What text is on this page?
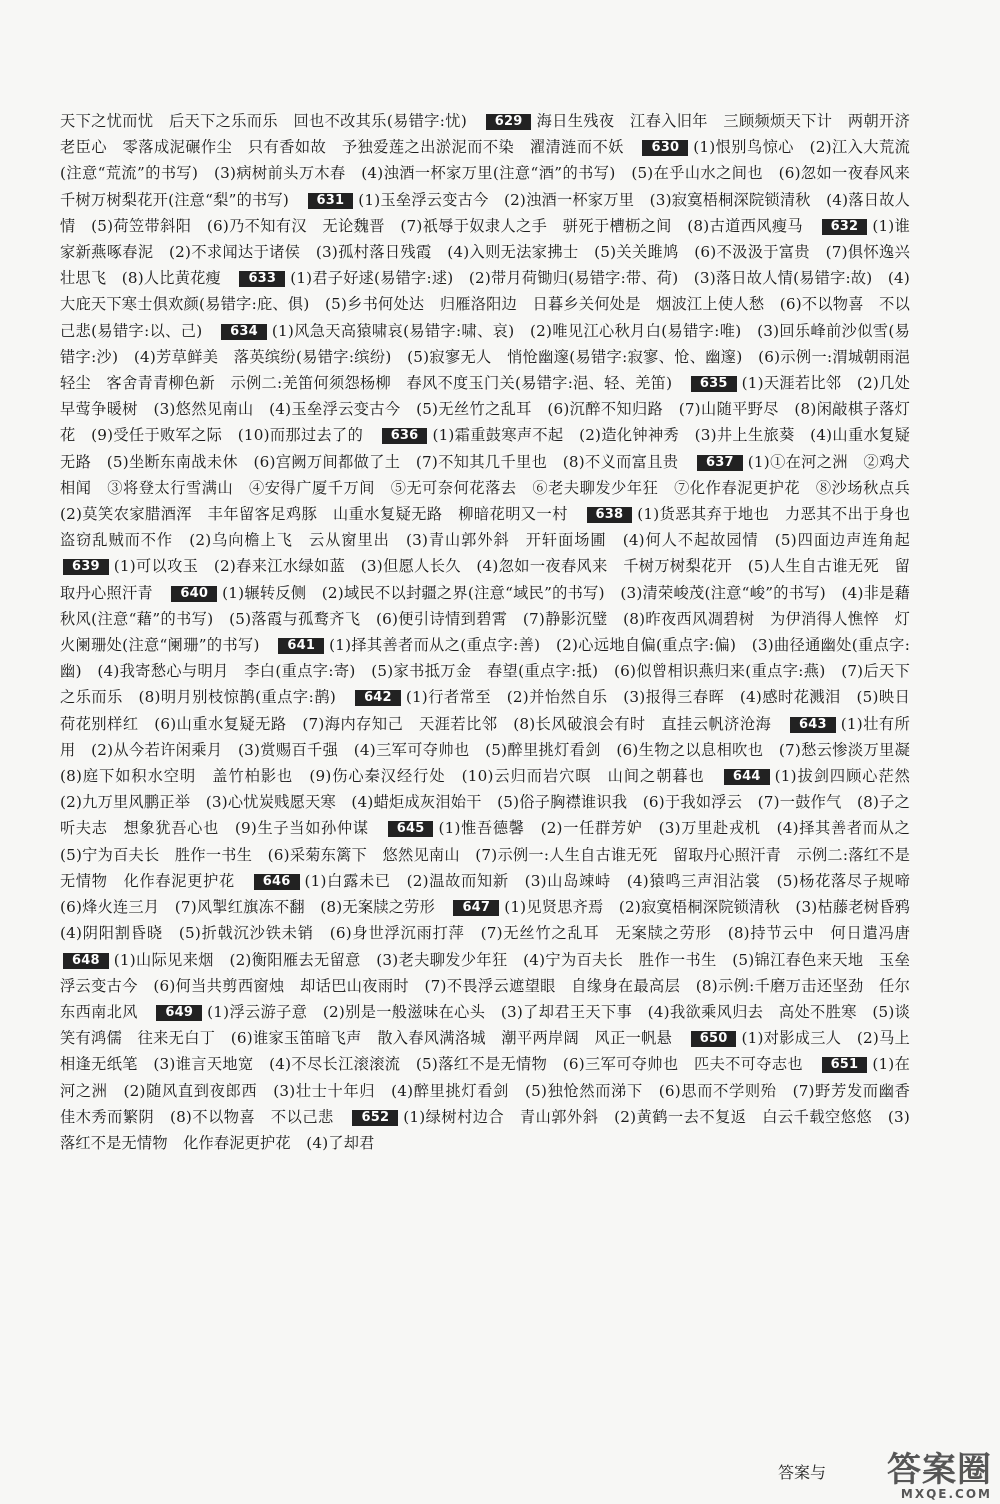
天下之忧而忧　后天下之乐而乐　回也不改其乐(易错字:忧)　 629 海日生残夜　江春入旧年　三顾频烦天下计　两朝开济老臣心　零落成泥碾作尘　只有香如故　予独爱莲之出淤泥而不染　濯清涟而不妖　 630 (1)恨别鸟惊心　(2)江入大荒流(注意“荒流”的书写)　(3)病树前头万木春　(4)浊酒一杯家万里(注意“酒”的书写)　(5)在乎山水之间也　(6)忽如一夜春风来　千树万树梨花开(注意“梨”的书写)　 631 (1)玉垒浮云变古今　(2)浊酒一杯家万里　(3)寂寞梧桐深院锁清秋　(4)落日故人情　(5)荷笠带斜阳　(6)乃不知有汉　无论魏晋　(7)祇辱于奴隶人之手　骈死于槽枥之间　(8)古道西风瘦马　 632 (1)谁家新燕啄春泥　(2)不求闻达于诸侯　(3)孤村落日残霞　(4)入则无法家拂士　(5)关关雎鸠　(6)不汲汲于富贵　(7)俱怀逸兴壮思飞　(8)人比黄花瘦　 633 (1)君子好逑(易错字:逑)　(2)带月荷锄归(易错字:带、荷)　(3)落日故人情(易错字:故)　(4)大庇天下寒士俱欢颜(易错字:庇、俱)　(5)乡书何处达　归雁洛阳边　日暮乡关何处是　烟波江上使人愁　(6)不以物喜　不以己悲(易错字:以、己)　 634 (1)风急天高猿啸哀(易错字:啸、哀)　(2)唯见江心秋月白(易错字:唯)　(3)回乐峰前沙似雪(易错字:沙)　(4)芳草鲜美　落英缤纷(易错字:缤纷)　(5)寂寥无人　悄怆幽邃(易错字:寂寥、怆、幽邃)　(6)示例一:渭城朝雨浥轻尘　客舍青青柳色新　示例二:羌笛何须怨杨柳　春风不度玉门关(易错字:浥、轻、羌笛)　 635 (1)天涯若比邻　(2)几处早莺争暖树　(3)悠然见南山　(4)玉垒浮云变古今　(5)无丝竹之乱耳　(6)沉醉不知归路　(7)山随平野尽　(8)闲敲棋子落灯花　(9)受任于败军之际　(10)而那过去了的　 636 (1)霜重鼓寒声不起　(2)造化钟神秀　(3)井上生旅葵　(4)山重水复疑无路　(5)坐断东南战未休　(6)宫阙万间都做了土　(7)不知其几千里也　(8)不义而富且贵　 637 (1)①在河之洲　②鸡犬相闻　③将登太行雪满山　④安得广厦千万间　⑤无可奈何花落去　⑥老夫聊发少年狂　⑦化作春泥更护花　⑧沙场秋点兵　(2)莫笑农家腊酒浑　丰年留客足鸡豚　山重水复疑无路　柳暗花明又一村　 638 (1)货恶其弃于地也　力恶其不出于身也　盗窃乱贼而不作　(2)乌向檐上飞　云从窗里出　(3)青山郭外斜　开轩面场圃　(4)何人不起故园情　(5)四面边声连角起　639 (1)可以攻玉　(2)春来江水绿如蓝　(3)但愿人长久　(4)忽如一夜春风来　千树万树梨花开　(5)人生自古谁无死　留取丹心照汗青　 640 (1)辗转反侧　(2)域民不以封疆之界(注意“域民”的书写)　(3)清荣峻茂(注意“峻”的书写)　(4)非是藉秋风(注意“藉”的书写)　(5)落霞与孤鹜齐飞　(6)便引诗情到碧霄　(7)静影沉璧　(8)昨夜西风凋碧树　为伊消得人憔悴　灯火阑珊处(注意“阑珊”的书写)　 641 (1)择其善者而从之(重点字:善)　(2)心远地自偏(重点字:偏)　(3)曲径通幽处(重点字:幽)　(4)我寄愁心与明月　李白(重点字:寄)　(5)家书抵万金　春望(重点字:抵)　(6)似曾相识燕归来(重点字:燕)　(7)后天下之乐而乐　(8)明月别枝惊鹊(重点字:鹊)　 642 (1)行者常至　(2)并怡然自乐　(3)报得三春晖　(4)感时花溅泪　(5)映日荷花别样红　(6)山重水复疑无路　(7)海内存知己　天涯若比邻　(8)长风破浪会有时　直挂云帆济沧海　 643 (1)壮有所用　(2)从今若许闲乘月　(3)赏赐百千强　(4)三军可夺帅也　(5)醉里挑灯看剑　(6)生物之以息相吹也　(7)愁云惨淡万里凝　(8)庭下如积水空明　盖竹柏影也　(9)伤心秦汉经行处　(10)云归而岩穴暝　山间之朝暮也　 644 (1)拔剑四顾心茫然　(2)九万里风鹏正举　(3)心忧炭贱愿天寒　(4)蜡炬成灰泪始干　(5)俗子胸襟谁识我　(6)于我如浮云　(7)一鼓作气　(8)子之听夫志　想象犹吾心也　(9)生子当如孙仲谋　 645 (1)惟吾德馨　(2)一任群芳妒　(3)万里赴戎机　(4)择其善者而从之　(5)宁为百夫长　胜作一书生　(6)采菊东篱下　悠然见南山　(7)示例一:人生自古谁无死　留取丹心照汗青　示例二:落红不是无情物　化作春泥更护花　 646 (1)白露未已　(2)温故而知新　(3)山岛竦峙　(4)猿鸣三声泪沾裳　(5)杨花落尽子规啼　(6)烽火连三月　(7)风掣红旗冻不翻　(8)无案牍之劳形　 647 (1)见贤思齐焉　(2)寂寞梧桐深院锁清秋　(3)枯藤老树昏鸦　(4)阴阳割昏晓　(5)折戟沉沙铁未销　(6)身世浮沉雨打萍　(7)无丝竹之乱耳　无案牍之劳形　(8)持节云中　何日遣冯唐　648 (1)山际见来烟　(2)衡阳雁去无留意　(3)老夫聊发少年狂　(4)宁为百夫长　胜作一书生　(5)锦江春色来天地　玉垒浮云变古今　(6)何当共剪西窗烛　却话巴山夜雨时　(7)不畏浮云遮望眼　自缘身在最高层　(8)示例:千磨万击还坚劲　任尔东西南北风　 649 (1)浮云游子意　(2)别是一般滋味在心头　(3)了却君王天下事　(4)我欲乘风归去　高处不胜寒　(5)谈笑有鸿儒　往来无白丁　(6)谁家玉笛暗飞声　散入春风满洛城　潮平两岸阔　风正一帆悬　 650 (1)对影成三人　(2)马上相逢无纸笔　(3)谁言天地宽　(4)不尽长江滚滚流　(5)落红不是无情物　(6)三军可夺帅也　匹夫不可夺志也　 651 (1)在河之洲　(2)随风直到夜郎西　(3)壮士十年归　(4)醉里挑灯看剑　(5)独怆然而涕下　(6)思而不学则殆　(7)野芳发而幽香　佳木秀而繁阴　(8)不以物喜　不以己悲　 652 (1)绿树村边合　青山郭外斜　(2)黄鹤一去不复返　白云千载空悠悠　(3)落红不是无情物　化作春泥更护花　(4)了却君　
答案与 答案圈
MXQE.COM
